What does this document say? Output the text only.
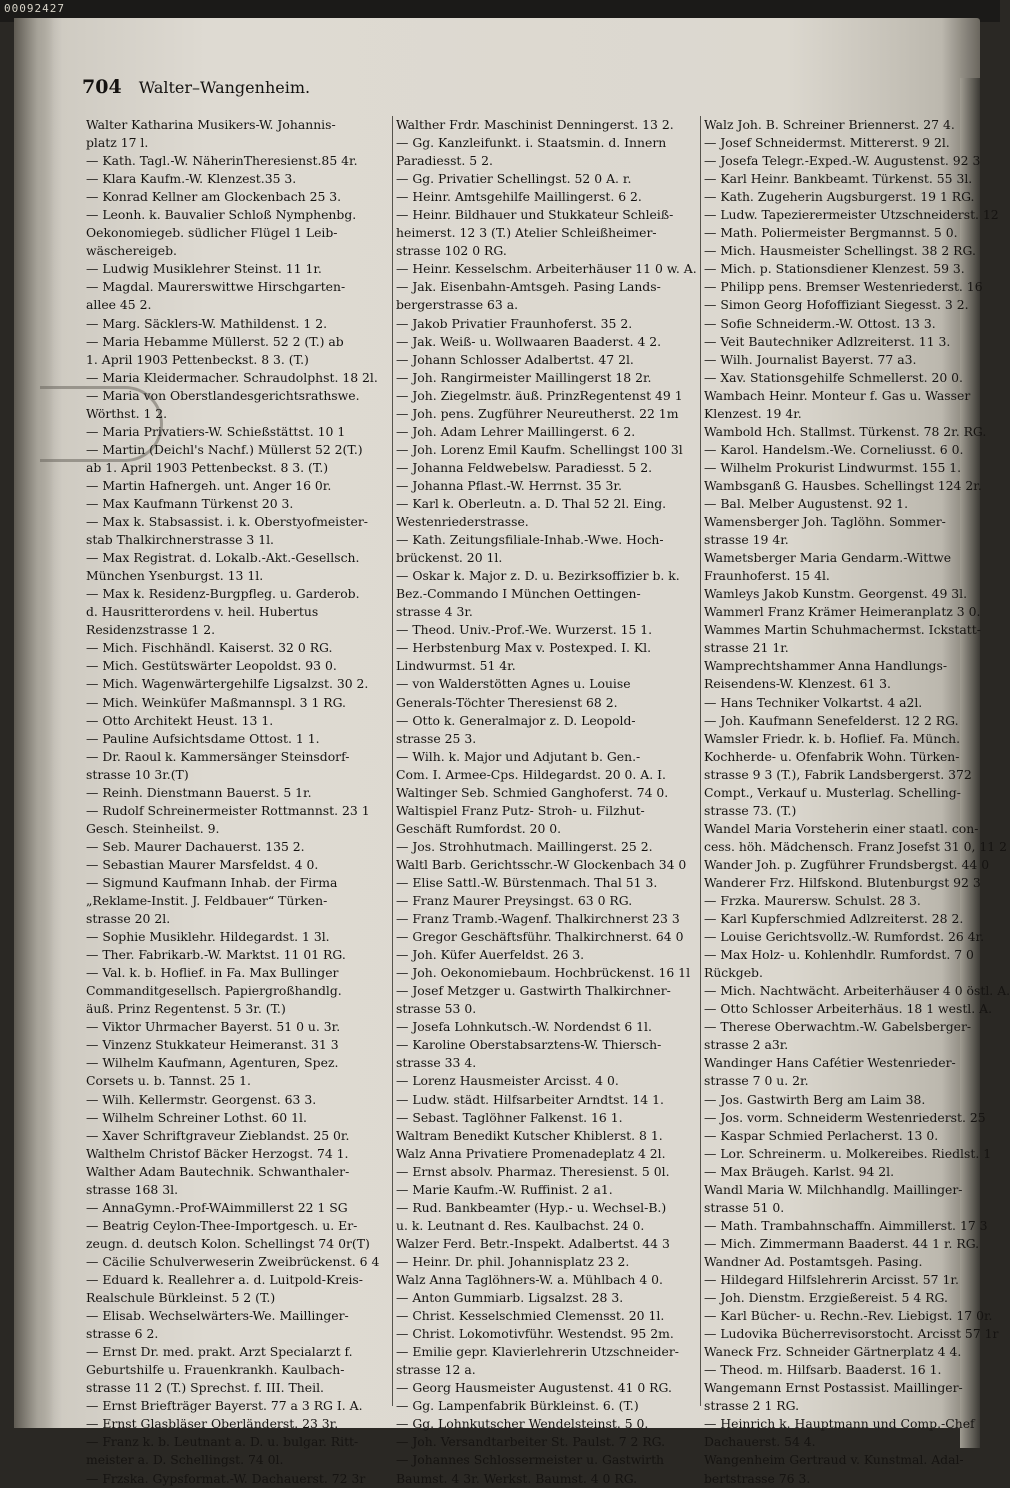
00092427
704 Walter–Wangenheim.
Walter Katharina Musikers-W. Johannis-
platz 17 l.
— Kath. Tagl.-W. NäherinTheresienst.85 4r.
— Klara Kaufm.-W. Klenzest.35 3.
— Konrad Kellner am Glockenbach 25 3.
— Leonh. k. Bauvalier Schloß Nymphenbg.
Oekonomiegeb. südlicher Flügel 1 Leib-
wäschereigeb.
— Ludwig Musiklehrer Steinst. 11 1r.
— Magdal. Maurerswittwe Hirschgarten-
allee 45 2.
— Marg. Säcklers-W. Mathildenst. 1 2.
— Maria Hebamme Müllerst. 52 2 (T.) ab
1. April 1903 Pettenbeckst. 8 3. (T.)
— Maria Kleidermacher. Schraudolphst. 18 2l.
— Maria von Oberstlandesgerichtsrathswe.
Wörthst. 1 2.
— Maria Privatiers-W. Schießstättst. 10 1
— Martin (Deichl's Nachf.) Müllerst 52 2(T.)
ab 1. April 1903 Pettenbeckst. 8 3. (T.)
— Martin Hafnergeh. unt. Anger 16 0r.
— Max Kaufmann Türkenst 20 3.
— Max k. Stabsassist. i. k. Oberstyofmeister-
stab Thalkirchnerstrasse 3 1l.
— Max Registrat. d. Lokalb.-Akt.-Gesellsch.
München Ysenburgst. 13 1l.
— Max k. Residenz-Burgpfleg. u. Garderob.
d. Hausritterordens v. heil. Hubertus
Residenzstrasse 1 2.
— Mich. Fischhändl. Kaiserst. 32 0 RG.
— Mich. Gestütswärter Leopoldst. 93 0.
— Mich. Wagenwärtergehilfe Ligsalzst. 30 2.
— Mich. Weinküfer Maßmannspl. 3 1 RG.
— Otto Architekt Heust. 13 1.
— Pauline Aufsichtsdame Ottost. 1 1.
— Dr. Raoul k. Kammersänger Steinsdorf-
strasse 10 3r.(T)
— Reinh. Dienstmann Bauerst. 5 1r.
— Rudolf Schreinermeister Rottmannst. 23 1
Gesch. Steinheilst. 9.
— Seb. Maurer Dachauerst. 135 2.
— Sebastian Maurer Marsfeldst. 4 0.
— Sigmund Kaufmann Inhab. der Firma
„Reklame-Instit. J. Feldbauer“ Türken-
strasse 20 2l.
— Sophie Musiklehr. Hildegardst. 1 3l.
— Ther. Fabrikarb.-W. Marktst. 11 01 RG.
— Val. k. b. Hoflief. in Fa. Max Bullinger
Commanditgesellsch. Papiergroßhandlg.
äuß. Prinz Regentenst. 5 3r. (T.)
— Viktor Uhrmacher Bayerst. 51 0 u. 3r.
— Vinzenz Stukkateur Heimeranst. 31 3
— Wilhelm Kaufmann, Agenturen, Spez.
Corsets u. b. Tannst. 25 1.
— Wilh. Kellermstr. Georgenst. 63 3.
— Wilhelm Schreiner Lothst. 60 1l.
— Xaver Schriftgraveur Zieblandst. 25 0r.
Walthelm Christof Bäcker Herzogst. 74 1.
Walther Adam Bautechnik. Schwanthaler-
strasse 168 3l.
— AnnaGymn.-Prof-WAimmillerst 22 1 SG
— Beatrig Ceylon-Thee-Importgesch. u. Er-
zeugn. d. deutsch Kolon. Schellingst 74 0r(T)
— Cäcilie Schulverweserin Zweibrückenst. 6 4
— Eduard k. Reallehrer a. d. Luitpold-Kreis-
Realschule Bürkleinst. 5 2 (T.)
— Elisab. Wechselwärters-We. Maillinger-
strasse 6 2.
— Ernst Dr. med. prakt. Arzt Specialarzt f.
Geburtshilfe u. Frauenkrankh. Kaulbach-
strasse 11 2 (T.) Sprechst. f. III. Theil.
— Ernst Briefträger Bayerst. 77 a 3 RG I. A.
— Ernst Glasbläser Oberländerst. 23 3r.
— Franz k. b. Leutnant a. D. u. bulgar. Ritt-
meister a. D. Schellingst. 74 0l.
— Frzska. Gypsformat.-W. Dachauerst. 72 3r
Walther Frdr. Maschinist Denningerst. 13 2.
— Gg. Kanzleifunkt. i. Staatsmin. d. Innern
Paradiesst. 5 2.
— Gg. Privatier Schellingst. 52 0 A. r.
— Heinr. Amtsgehilfe Maillingerst. 6 2.
— Heinr. Bildhauer und Stukkateur Schleiß-
heimerst. 12 3 (T.) Atelier Schleißheimer-
strasse 102 0 RG.
— Heinr. Kesselschm. Arbeiterhäuser 11 0 w. A.
— Jak. Eisenbahn-Amtsgeh. Pasing Lands-
bergerstrasse 63 a.
— Jakob Privatier Fraunhoferst. 35 2.
— Jak. Weiß- u. Wollwaaren Baaderst. 4 2.
— Johann Schlosser Adalbertst. 47 2l.
— Joh. Rangirmeister Maillingerst 18 2r.
— Joh. Ziegelmstr. äuß. PrinzRegentenst 49 1
— Joh. pens. Zugführer Neureutherst. 22 1m
— Joh. Adam Lehrer Maillingerst. 6 2.
— Joh. Lorenz Emil Kaufm. Schellingst 100 3l
— Johanna Feldwebelsw. Paradiesst. 5 2.
— Johanna Pflast.-W. Herrnst. 35 3r.
— Karl k. Oberleutn. a. D. Thal 52 2l. Eing.
Westenriederstrasse.
— Kath. Zeitungsfiliale-Inhab.-Wwe. Hoch-
brückenst. 20 1l.
— Oskar k. Major z. D. u. Bezirksoffizier b. k.
Bez.-Commando I München Oettingen-
strasse 4 3r.
— Theod. Univ.-Prof.-We. Wurzerst. 15 1.
— Herbstenburg Max v. Postexped. I. Kl.
Lindwurmst. 51 4r.
— von Walderstötten Agnes u. Louise
Generals-Töchter Theresienst 68 2.
— Otto k. Generalmajor z. D. Leopold-
strasse 25 3.
— Wilh. k. Major und Adjutant b. Gen.-
Com. I. Armee-Cps. Hildegardst. 20 0. A. I.
Waltinger Seb. Schmied Ganghoferst. 74 0.
Waltispiel Franz Putz- Stroh- u. Filzhut-
Geschäft Rumfordst. 20 0.
— Jos. Strohhutmach. Maillingerst. 25 2.
Waltl Barb. Gerichtsschr.-W Glockenbach 34 0
— Elise Sattl.-W. Bürstenmach. Thal 51 3.
— Franz Maurer Preysingst. 63 0 RG.
— Franz Tramb.-Wagenf. Thalkirchnerst 23 3
— Gregor Geschäftsführ. Thalkirchnerst. 64 0
— Joh. Küfer Auerfeldst. 26 3.
— Joh. Oekonomiebaum. Hochbrückenst. 16 1l
— Josef Metzger u. Gastwirth Thalkirchner-
strasse 53 0.
— Josefa Lohnkutsch.-W. Nordendst 6 1l.
— Karoline Oberstabsarztens-W. Thiersch-
strasse 33 4.
— Lorenz Hausmeister Arcisst. 4 0.
— Ludw. städt. Hilfsarbeiter Arndtst. 14 1.
— Sebast. Taglöhner Falkenst. 16 1.
Waltram Benedikt Kutscher Khiblerst. 8 1.
Walz Anna Privatiere Promenadeplatz 4 2l.
— Ernst absolv. Pharmaz. Theresienst. 5 0l.
— Marie Kaufm.-W. Ruffinist. 2 a1.
— Rud. Bankbeamter (Hyp.- u. Wechsel-B.)
u. k. Leutnant d. Res. Kaulbachst. 24 0.
Walzer Ferd. Betr.-Inspekt. Adalbertst. 44 3
— Heinr. Dr. phil. Johannisplatz 23 2.
Walz Anna Taglöhners-W. a. Mühlbach 4 0.
— Anton Gummiarb. Ligsalzst. 28 3.
— Christ. Kesselschmied Clemensst. 20 1l.
— Christ. Lokomotivführ. Westendst. 95 2m.
— Emilie gepr. Klavierlehrerin Utzschneider-
strasse 12 a.
— Georg Hausmeister Augustenst. 41 0 RG.
— Gg. Lampenfabrik Bürkleinst. 6. (T.)
— Gg. Lohnkutscher Wendelsteinst. 5 0.
— Joh. Versandtarbeiter St. Paulst. 7 2 RG.
— Johannes Schlossermeister u. Gastwirth
Baumst. 4 3r. Werkst. Baumst. 4 0 RG.
Walz Joh. B. Schreiner Briennerst. 27 4.
— Josef Schneidermst. Mittererst. 9 2l.
— Josefa Telegr.-Exped.-W. Augustenst. 92 3
— Karl Heinr. Bankbeamt. Türkenst. 55 3l.
— Kath. Zugeherin Augsburgerst. 19 1 RG.
— Ludw. Tapezierermeister Utzschneiderst. 12
— Math. Poliermeister Bergmannst. 5 0.
— Mich. Hausmeister Schellingst. 38 2 RG.
— Mich. p. Stationsdiener Klenzest. 59 3.
— Philipp pens. Bremser Westenriederst. 16
— Simon Georg Hofoffiziant Siegesst. 3 2.
— Sofie Schneiderm.-W. Ottost. 13 3.
— Veit Bautechniker Adlzreiterst. 11 3.
— Wilh. Journalist Bayerst. 77 a3.
— Xav. Stationsgehilfe Schmellerst. 20 0.
Wambach Heinr. Monteur f. Gas u. Wasser
Klenzest. 19 4r.
Wambold Hch. Stallmst. Türkenst. 78 2r. RG.
— Karol. Handelsm.-We. Corneliusst. 6 0.
— Wilhelm Prokurist Lindwurmst. 155 1.
Wambsganß G. Hausbes. Schellingst 124 2r.
— Bal. Melber Augustenst. 92 1.
Wamensberger Joh. Taglöhn. Sommer-
strasse 19 4r.
Wametsberger Maria Gendarm.-Wittwe
Fraunhoferst. 15 4l.
Wamleys Jakob Kunstm. Georgenst. 49 3l.
Wammerl Franz Krämer Heimeranplatz 3 0.
Wammes Martin Schuhmachermst. Ickstatt-
strasse 21 1r.
Wamprechtshammer Anna Handlungs-
Reisendens-W. Klenzest. 61 3.
— Hans Techniker Volkartst. 4 a2l.
— Joh. Kaufmann Senefelderst. 12 2 RG.
Wamsler Friedr. k. b. Hoflief. Fa. Münch.
Kochherde- u. Ofenfabrik Wohn. Türken-
strasse 9 3 (T.), Fabrik Landsbergerst. 372
Compt., Verkauf u. Musterlag. Schelling-
strasse 73. (T.)
Wandel Maria Vorsteherin einer staatl. con-
cess. höh. Mädchensch. Franz Josefst 31 0, 11 2
Wander Joh. p. Zugführer Frundsbergst. 44 0
Wanderer Frz. Hilfskond. Blutenburgst 92 3
— Frzka. Maurersw. Schulst. 28 3.
— Karl Kupferschmied Adlzreiterst. 28 2.
— Louise Gerichtsvollz.-W. Rumfordst. 26 4r.
— Max Holz- u. Kohlenhdlr. Rumfordst. 7 0
Rückgeb.
— Mich. Nachtwächt. Arbeiterhäuser 4 0 östl. A.
— Otto Schlosser Arbeiterhäus. 18 1 westl. A.
— Therese Oberwachtm.-W. Gabelsberger-
strasse 2 a3r.
Wandinger Hans Cafétier Westenrieder-
strasse 7 0 u. 2r.
— Jos. Gastwirth Berg am Laim 38.
— Jos. vorm. Schneiderm Westenriederst. 25
— Kaspar Schmied Perlacherst. 13 0.
— Lor. Schreinerm. u. Molkereibes. Riedlst. 1
— Max Bräugeh. Karlst. 94 2l.
Wandl Maria W. Milchhandlg. Maillinger-
strasse 51 0.
— Math. Trambahnschaffn. Aimmillerst. 17 3
— Mich. Zimmermann Baaderst. 44 1 r. RG.
Wandner Ad. Postamtsgeh. Pasing.
— Hildegard Hilfslehrerin Arcisst. 57 1r.
— Joh. Dienstm. Erzgießereist. 5 4 RG.
— Karl Bücher- u. Rechn.-Rev. Liebigst. 17 0r.
— Ludovika Bücherrevisorstocht. Arcisst 57 1r
Waneck Frz. Schneider Gärtnerplatz 4 4.
— Theod. m. Hilfsarb. Baaderst. 16 1.
Wangemann Ernst Postassist. Maillinger-
strasse 2 1 RG.
— Heinrich k. Hauptmann und Comp.-Chef
Dachauerst. 54 4.
Wangenheim Gertraud v. Kunstmal. Adal-
bertstrasse 76 3.
